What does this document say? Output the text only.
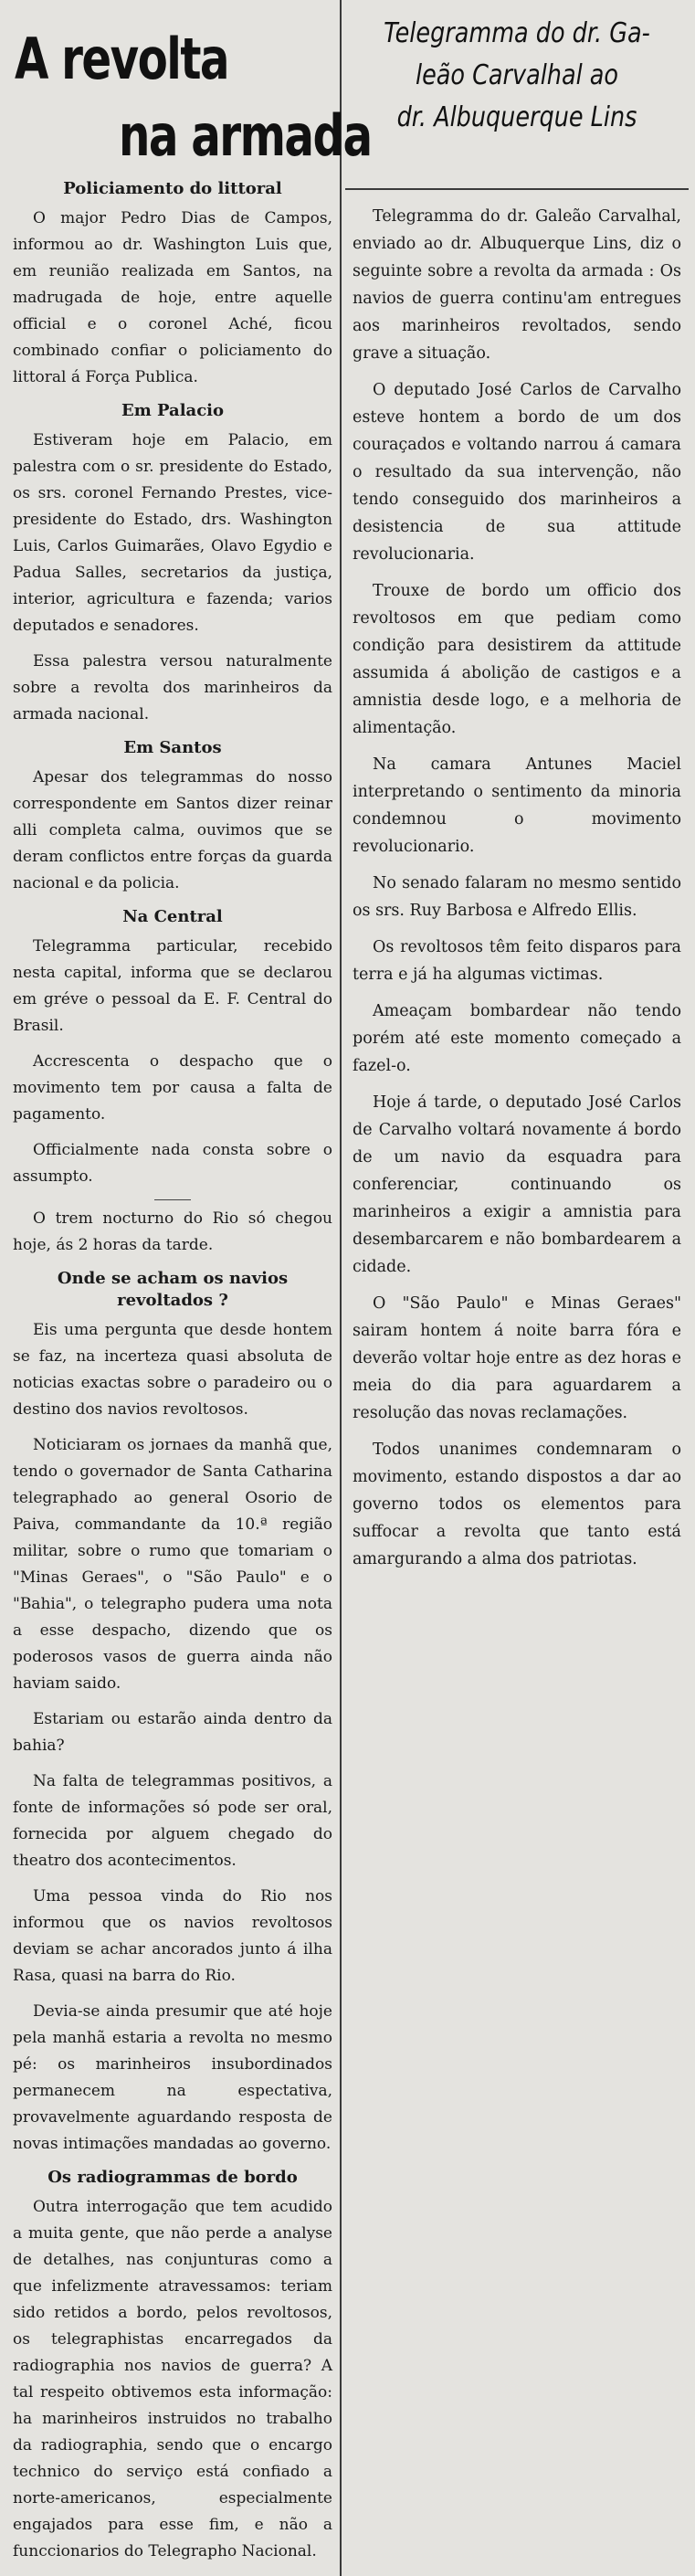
A revolta
na armada
Policiamento do littoral

O major Pedro Dias de Campos, informou ao dr. Washington Luis que, em reunião realizada em Santos, na madrugada de hoje, entre aquelle official e o coronel Aché, ficou combinado confiar o policiamento do littoral á Força Publica.

Em Palacio

Estiveram hoje em Palacio, em palestra com o sr. presidente do Estado, os srs. coronel Fernando Prestes, vice-presidente do Estado, drs. Washington Luis, Carlos Guimarães, Olavo Egydio e Padua Salles, secretarios da justiça, interior, agricultura e fazenda; varios deputados e senadores.

Essa palestra versou naturalmente sobre a revolta dos marinheiros da armada nacional.

Em Santos

Apesar dos telegrammas do nosso correspondente em Santos dizer reinar alli completa calma, ouvimos que se deram conflictos entre forças da guarda nacional e da policia.

Na Central

Telegramma particular, recebido nesta capital, informa que se declarou em gréve o pessoal da E. F. Central do Brasil.

Accrescenta o despacho que o movimento tem por causa a falta de pagamento.

Officialmente nada consta sobre o assumpto.

O trem nocturno do Rio só chegou hoje, ás 2 horas da tarde.

Onde se acham os navios revoltados ?

Eis uma pergunta que desde hontem se faz, na incerteza quasi absoluta de noticias exactas sobre o paradeiro ou o destino dos navios revoltosos.

Noticiaram os jornaes da manhã que, tendo o governador de Santa Catharina telegraphado ao general Osorio de Paiva, commandante da 10.ª região militar, sobre o rumo que tomariam o "Minas Geraes", o "São Paulo" e o "Bahia", o telegrapho pudera uma nota a esse despacho, dizendo que os poderosos vasos de guerra ainda não haviam saido.

Estariam ou estarão ainda dentro da bahia?

Na falta de telegrammas positivos, a fonte de informações só pode ser oral, fornecida por alguem chegado do theatro dos acontecimentos.

Uma pessoa vinda do Rio nos informou que os navios revoltosos deviam se achar ancorados junto á ilha Rasa, quasi na barra do Rio.

Devia-se ainda presumir que até hoje pela manhã estaria a revolta no mesmo pé: os marinheiros insubordinados permanecem na espectativa, provavelmente aguardando resposta de novas intimações mandadas ao governo.

Os radiogrammas de bordo

Outra interrogação que tem acudido a muita gente, que não perde a analyse de detalhes, nas conjunturas como a que infelizmente atravessamos: teriam sido retidos a bordo, pelos revoltosos, os telegraphistas encarregados da radiographia nos navios de guerra? A tal respeito obtivemos esta informação: ha marinheiros instruidos no trabalho da radiographia, sendo que o encargo technico do serviço está confiado a norte-americanos, especialmente engajados para esse fim, e não a funccionarios do Telegrapho Nacional.

Telegramma do dr. Ga-
leão Carvalhal ao
dr. Albuquerque Lins

Telegramma do dr. Galeão Carvalhal, enviado ao dr. Albuquerque Lins, diz o seguinte sobre a revolta da armada : Os navios de guerra continu'am entregues aos marinheiros revoltados, sendo grave a situação.

O deputado José Carlos de Carvalho esteve hontem a bordo de um dos couraçados e voltando narrou á camara o resultado da sua intervenção, não tendo conseguido dos marinheiros a desistencia de sua attitude revolucionaria.

Trouxe de bordo um officio dos revoltosos em que pediam como condição para desistirem da attitude assumida á abolição de castigos e a amnistia desde logo, e a melhoria de alimentação.

Na camara Antunes Maciel interpretando o sentimento da minoria condemnou o movimento revolucionario.

No senado falaram no mesmo sentido os srs. Ruy Barbosa e Alfredo Ellis.

Os revoltosos têm feito disparos para terra e já ha algumas victimas.

Ameaçam bombardear não tendo porém até este momento começado a fazel-o.

Hoje á tarde, o deputado José Carlos de Carvalho voltará novamente á bordo de um navio da esquadra para conferenciar, continuando os marinheiros a exigir a amnistia para desembarcarem e não bombardearem a cidade.

O "São Paulo" e Minas Geraes" sairam hontem á noite barra fóra e deverão voltar hoje entre as dez horas e meia do dia para aguardarem a resolução das novas reclamações.

Todos unanimes condemnaram o movimento, estando dispostos a dar ao governo todos os elementos para suffocar a revolta que tanto está amargurando a alma dos patriotas.
